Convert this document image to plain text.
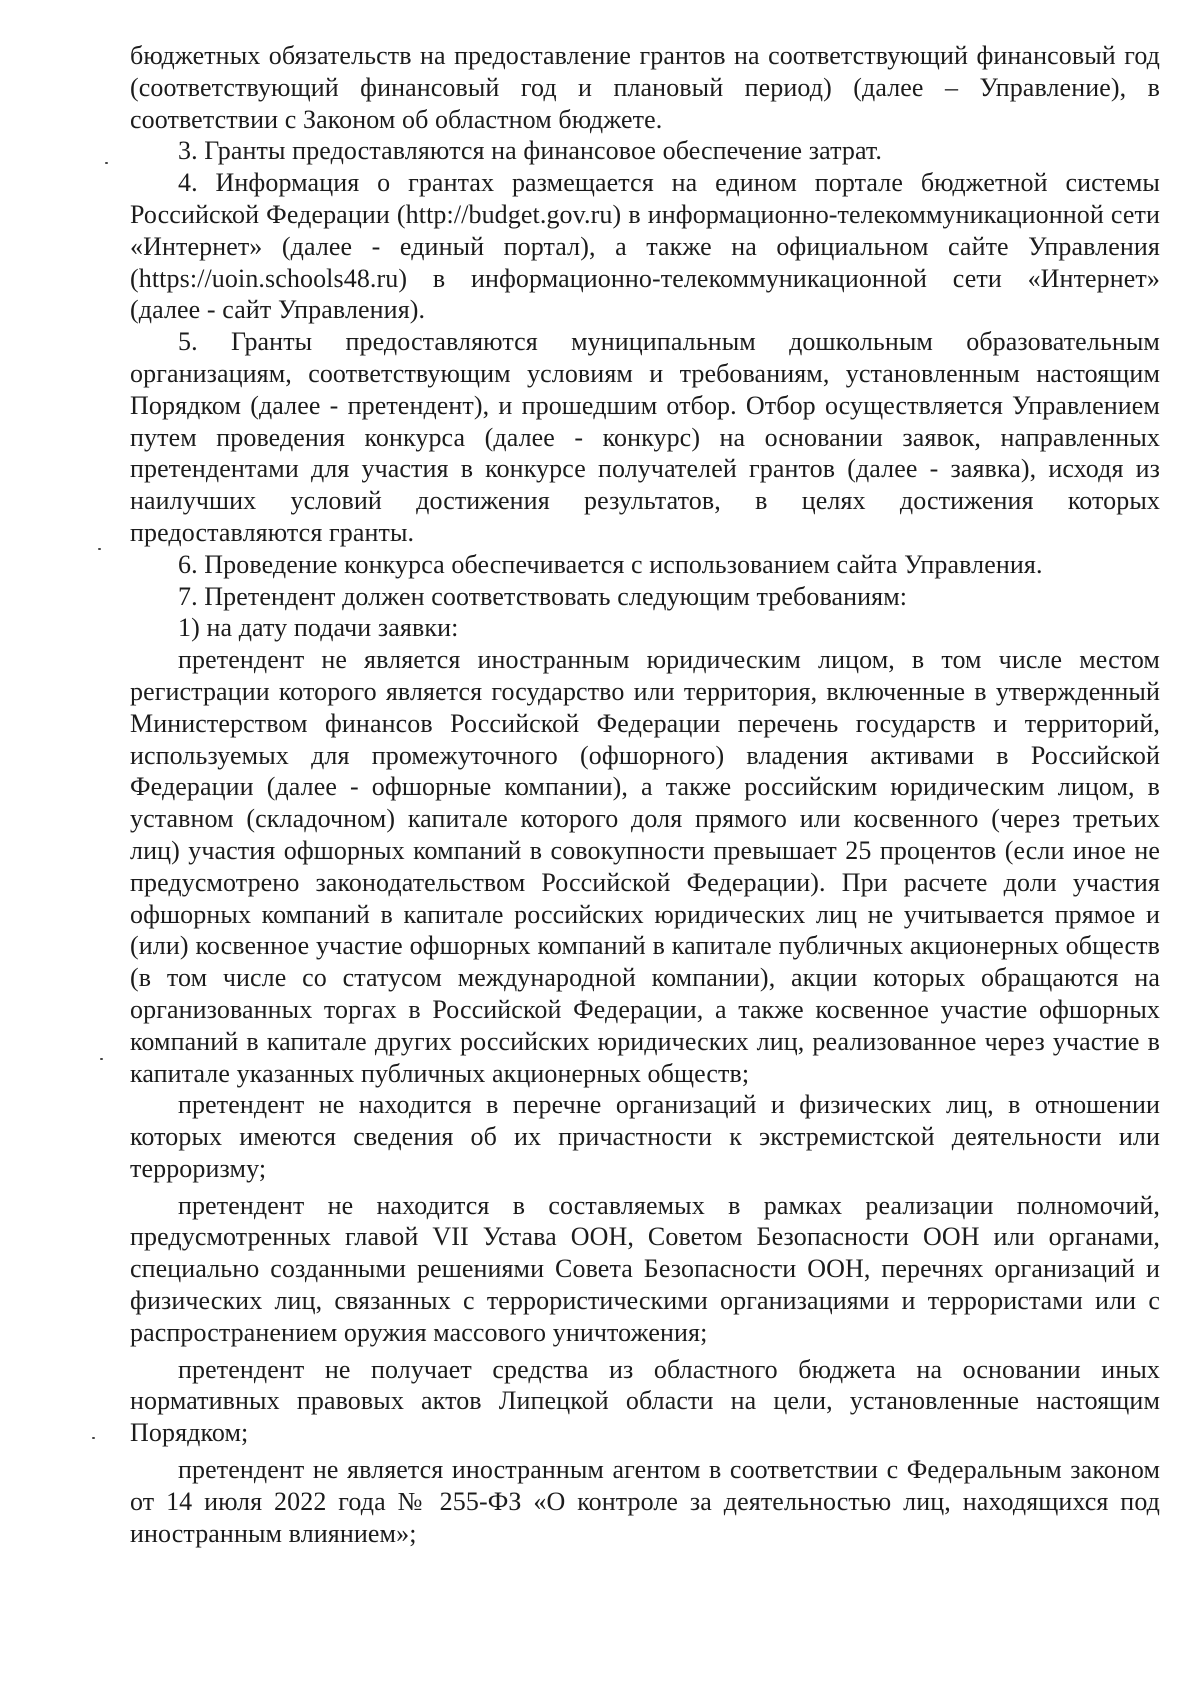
бюджетных обязательств на предоставление грантов на соответствующий финансовый год (соответствующий финансовый год и плановый период) (далее – Управление), в соответствии с Законом об областном бюджете.

3. Гранты предоставляются на финансовое обеспечение затрат.

4. Информация о грантах размещается на едином портале бюджетной системы Российской Федерации (http://budget.gov.ru) в информационно-телекоммуникационной сети «Интернет» (далее - единый портал), а также на официальном сайте Управления (https://uoin.schools48.ru) в информационно-телекоммуникационной сети «Интернет» (далее - сайт Управления).

5. Гранты предоставляются муниципальным дошкольным образовательным организациям, соответствующим условиям и требованиям, установленным настоящим Порядком (далее - претендент), и прошедшим отбор. Отбор осуществляется Управлением путем проведения конкурса (далее - конкурс) на основании заявок, направленных претендентами для участия в конкурсе получателей грантов (далее - заявка), исходя из наилучших условий достижения результатов, в целях достижения которых предоставляются гранты.

6. Проведение конкурса обеспечивается с использованием сайта Управления.

7. Претендент должен соответствовать следующим требованиям:

1) на дату подачи заявки:

претендент не является иностранным юридическим лицом, в том числе местом регистрации которого является государство или территория, включенные в утвержденный Министерством финансов Российской Федерации перечень государств и территорий, используемых для промежуточного (офшорного) владения активами в Российской Федерации (далее - офшорные компании), а также российским юридическим лицом, в уставном (складочном) капитале которого доля прямого или косвенного (через третьих лиц) участия офшорных компаний в совокупности превышает 25 процентов (если иное не предусмотрено законодательством Российской Федерации). При расчете доли участия офшорных компаний в капитале российских юридических лиц не учитывается прямое и (или) косвенное участие офшорных компаний в капитале публичных акционерных обществ (в том числе со статусом международной компании), акции которых обращаются на организованных торгах в Российской Федерации, а также косвенное участие офшорных компаний в капитале других российских юридических лиц, реализованное через участие в капитале указанных публичных акционерных обществ;

претендент не находится в перечне организаций и физических лиц, в отношении которых имеются сведения об их причастности к экстремистской деятельности или терроризму;

претендент не находится в составляемых в рамках реализации полномочий, предусмотренных главой VII Устава ООН, Советом Безопасности ООН или органами, специально созданными решениями Совета Безопасности ООН, перечнях организаций и физических лиц, связанных с террористическими организациями и террористами или с распространением оружия массового уничтожения;

претендент не получает средства из областного бюджета на основании иных нормативных правовых актов Липецкой области на цели, установленные настоящим Порядком;

претендент не является иностранным агентом в соответствии с Федеральным законом от 14 июля 2022 года № 255-ФЗ «О контроле за деятельностью лиц, находящихся под иностранным влиянием»;
